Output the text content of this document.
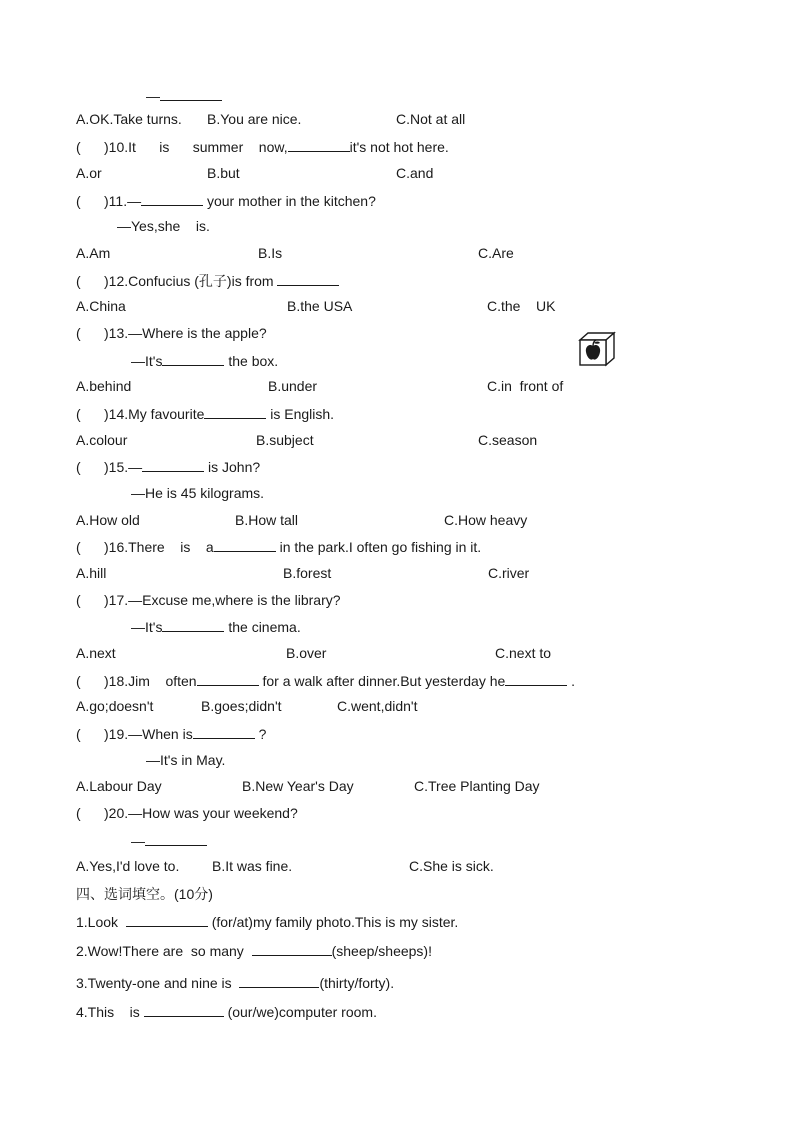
—
A.OK.Take turns. B.You are nice.	C.Not at all
(      )10.It      is      summer    now,	it's not hot here.
A.or	B.but	C.and
(      )11.—	your mother in the kitchen?
—Yes,she    is.
A.Am	B.Is	C.Are
(      )12.Confucius (孔子)is from
A.China	B.the USA	C.the    UK
(      )13.—Where is the apple?
—It's	the box.
A.behind	B.under	C.in  front of
(      )14.My favourite	is English.
A.colour	B.subject	C.season
(      )15.—	is John?
—He is 45 kilograms.
A.How old	B.How tall	C.How heavy
(      )16.There    is    a	in the park.I often go fishing in it.
A.hill	B.forest	C.river
(      )17.—Excuse me,where is the library?
—It's	the cinema.
A.next	B.over	C.next to
(      )18.Jim    often	for a walk after dinner.But yesterday he	.
A.go;doesn't	B.goes;didn't	C.went,didn't
(      )19.—When is	?
—It's in May.
A.Labour Day	B.New Year's Day	C.Tree Planting Day
(      )20.—How was your weekend?
—
A.Yes,I'd love to. B.It was fine.	C.She is sick.
四、选词填空。(10分)
1.Look	(for/at)my family photo.This is my sister.
2.Wow!There are  so many	(sheep/sheeps)!
3.Twenty-one and nine is	(thirty/forty).
4.This    is	(our/we)computer room.
